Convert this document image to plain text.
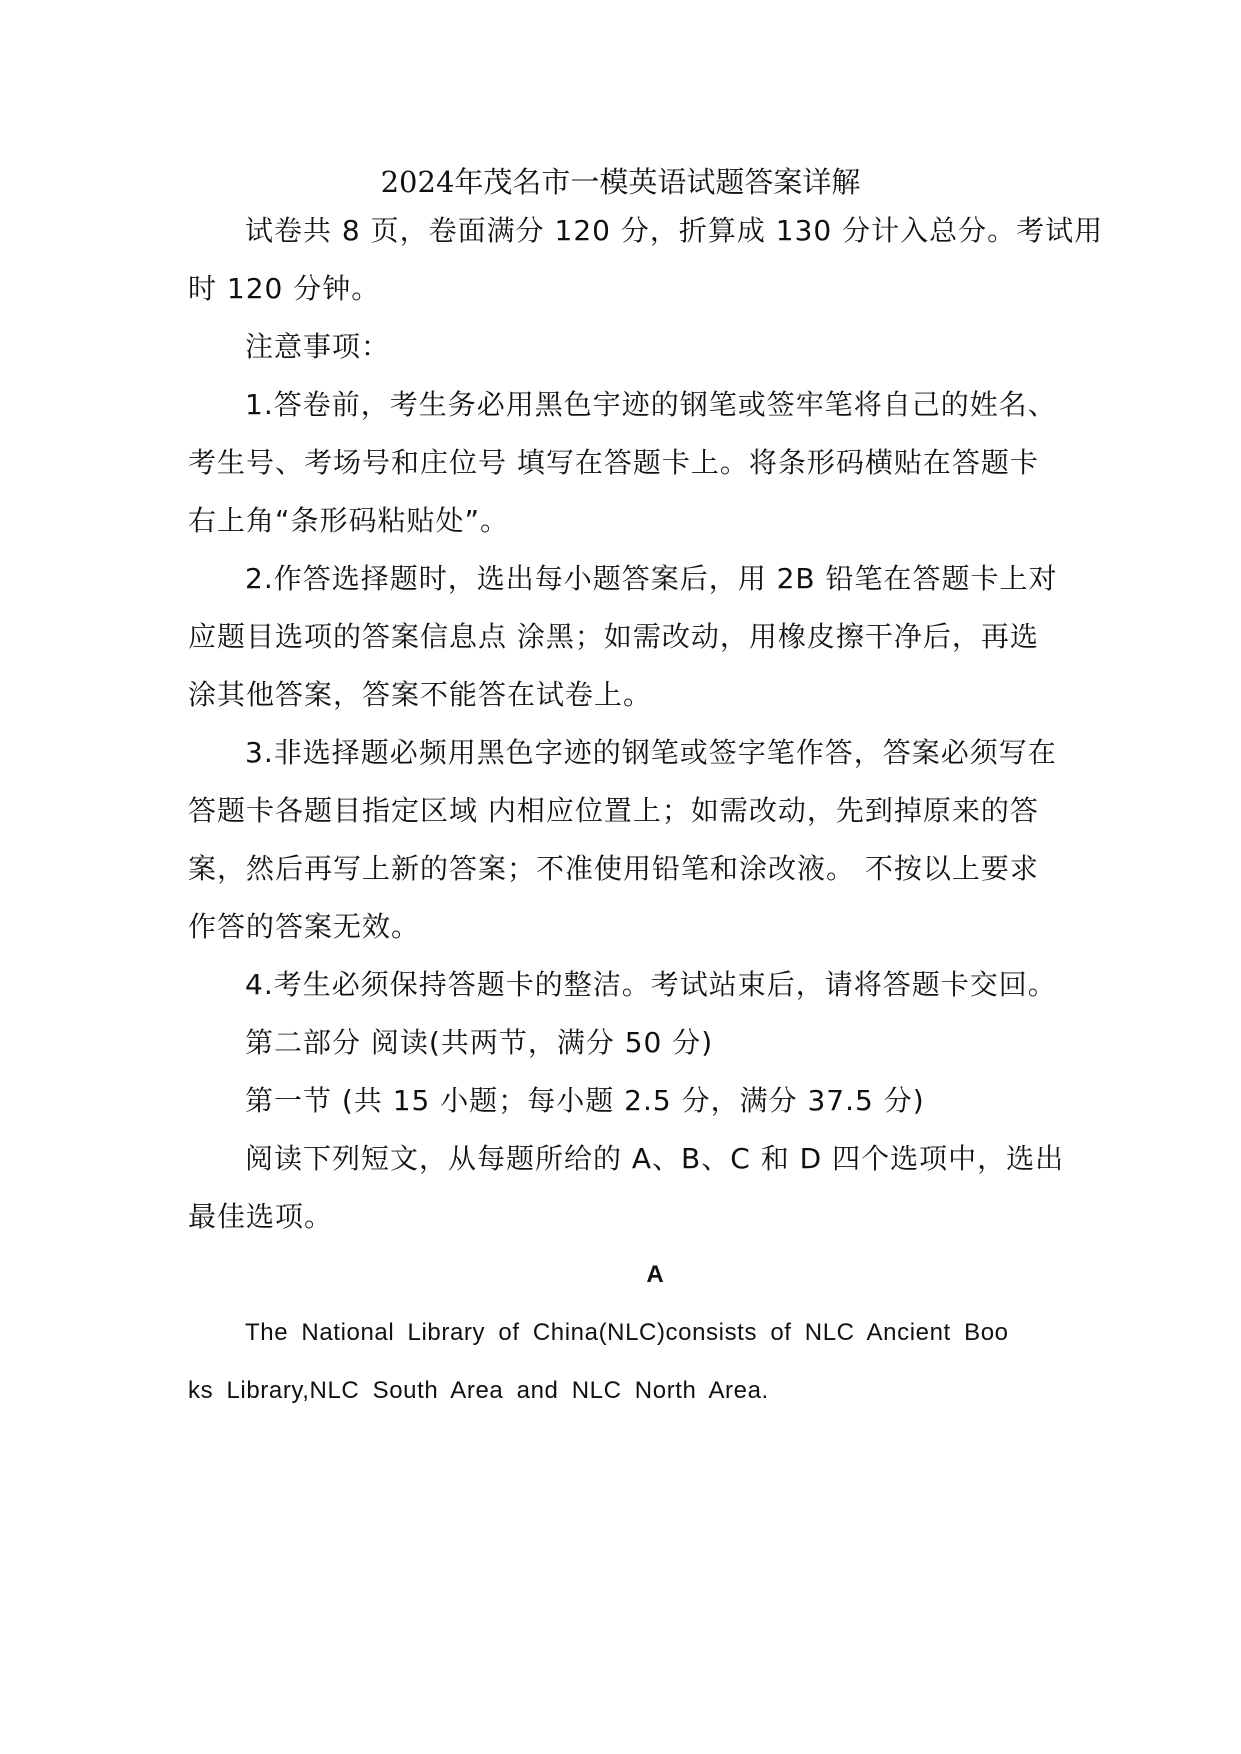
2024年茂名市一模英语试题答案详解
试卷共 8 页，卷面满分 120 分，折算成 130 分计入总分。考试用
时 120 分钟。
注意事项：
1.答卷前，考生务必用黑色宇迹的钢笔或签牢笔将自己的姓名、
考生号、考场号和庄位号 填写在答题卡上。将条形码横贴在答题卡
右上角“条形码粘贴处”。
2.作答选择题时，选出每小题答案后，用 2B 铅笔在答题卡上对
应题目选项的答案信息点 涂黑；如需改动，用橡皮擦干净后，再选
涂其他答案，答案不能答在试卷上。
3.非选择题必频用黑色字迹的钢笔或签字笔作答，答案必须写在
答题卡各题目指定区域 内相应位置上；如需改动，先到掉原来的答
案，然后再写上新的答案；不准使用铅笔和涂改液。 不按以上要求
作答的答案无效。
4.考生必须保持答题卡的整洁。考试站束后，请将答题卡交回。
第二部分 阅读(共两节，满分 50 分)
第一节 (共 15 小题；每小题 2.5 分，满分 37.5 分)
阅读下列短文，从每题所给的 A、B、C 和 D 四个选项中，选出
最佳选项。
A
The National Library of China(NLC)consists of NLC Ancient Boo
ks Library,NLC South Area and NLC North Area.
